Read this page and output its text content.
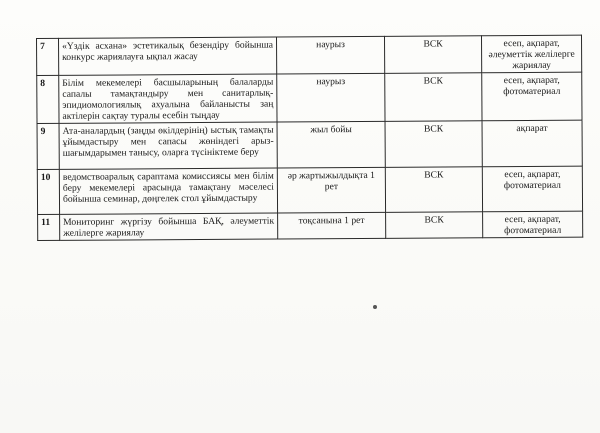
7	«Үздік асхана» эстетикалық безендіру бойынша конкурс жариялауға ықпал жасау	наурыз	ВСК	есеп, ақпарат, әлеуметтік желілерге жариялау
8	Білім мекемелері басшыларының балаларды сапалы тамақтандыру мен санитарлық-эпидиомологиялық ахуалына байланысты заң актілерін сақтау туралы есебін тыңдау	наурыз	ВСК	есеп, ақпарат, фотоматериал
9	Ата-аналардың (заңды өкілдерінің) ыстық тамақты ұйымдастыру мен сапасы жөніндегі арыз-шағымдарымен танысу, оларға түсініктеме беру	жыл бойы	ВСК	ақпарат
10	ведомствоаралық сараптама комиссиясы мен білім беру мекемелері арасында тамақтану мәселесі бойынша семинар, дөңгелек стол ұйымдастыру	әр жартыжылдықта 1 рет	ВСК	есеп, ақпарат, фотоматериал
11	Мониторинг жүргізу бойынша БАҚ, әлеуметтік желілерге жариялау	тоқсанына 1 рет	ВСК	есеп, ақпарат, фотоматериал
